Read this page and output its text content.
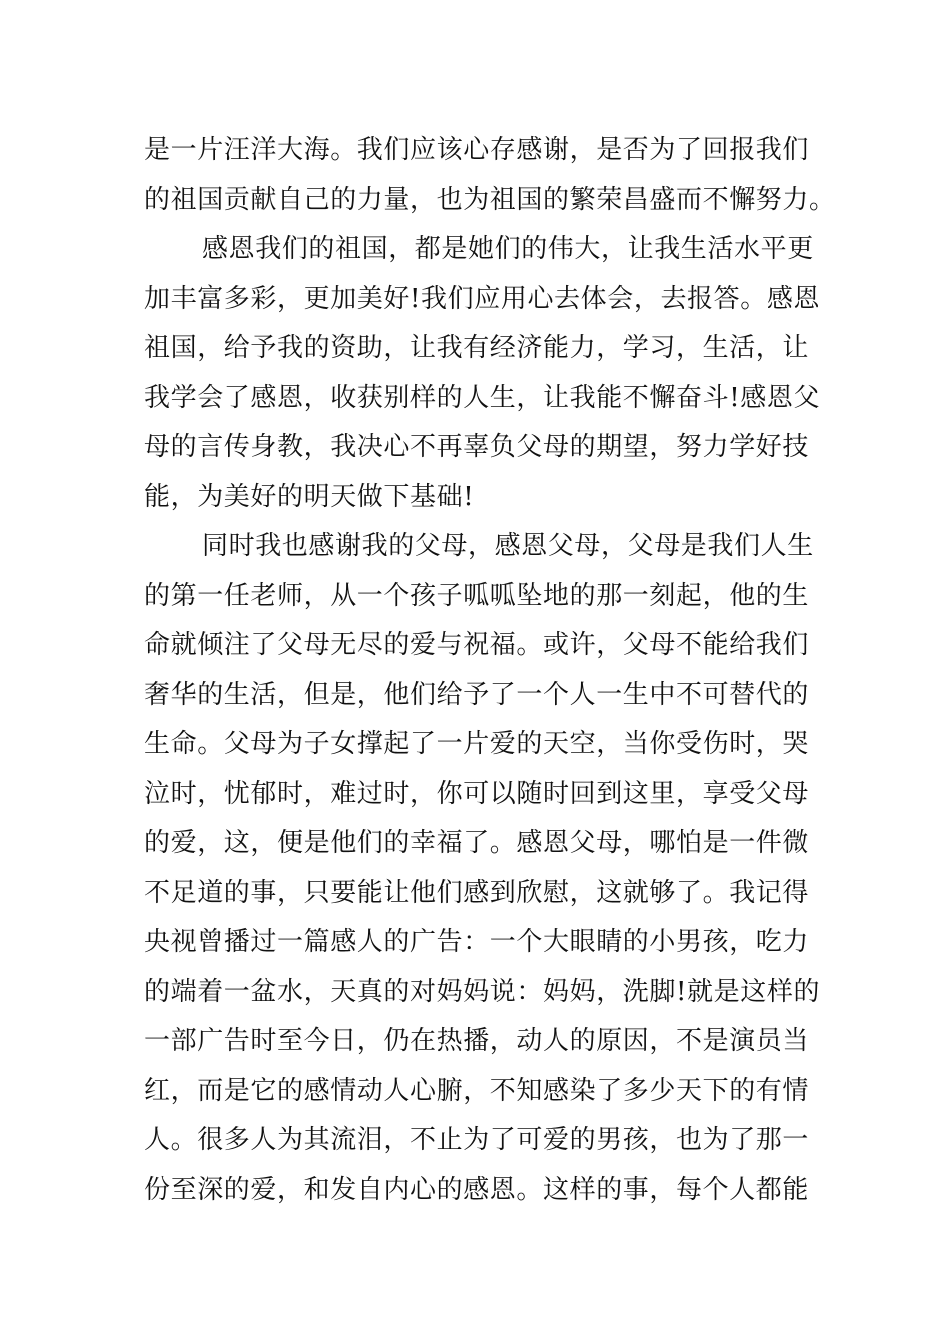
是一片汪洋大海。我们应该心存感谢，是否为了回报我们
的祖国贡献自己的力量，也为祖国的繁荣昌盛而不懈努力。
感恩我们的祖国，都是她们的伟大，让我生活水平更
加丰富多彩，更加美好!我们应用心去体会，去报答。感恩
祖国，给予我的资助，让我有经济能力，学习，生活，让
我学会了感恩，收获别样的人生，让我能不懈奋斗!感恩父
母的言传身教，我决心不再辜负父母的期望，努力学好技
能，为美好的明天做下基础!
同时我也感谢我的父母，感恩父母，父母是我们人生
的第一任老师，从一个孩子呱呱坠地的那一刻起，他的生
命就倾注了父母无尽的爱与祝福。或许，父母不能给我们
奢华的生活，但是，他们给予了一个人一生中不可替代的
生命。父母为子女撑起了一片爱的天空，当你受伤时，哭
泣时，忧郁时，难过时，你可以随时回到这里，享受父母
的爱，这，便是他们的幸福了。感恩父母，哪怕是一件微
不足道的事，只要能让他们感到欣慰，这就够了。我记得
央视曾播过一篇感人的广告：一个大眼睛的小男孩，吃力
的端着一盆水，天真的对妈妈说：妈妈，洗脚!就是这样的
一部广告时至今日，仍在热播，动人的原因，不是演员当
红，而是它的感情动人心腑，不知感染了多少天下的有情
人。很多人为其流泪，不止为了可爱的男孩，也为了那一
份至深的爱，和发自内心的感恩。这样的事，每个人都能
